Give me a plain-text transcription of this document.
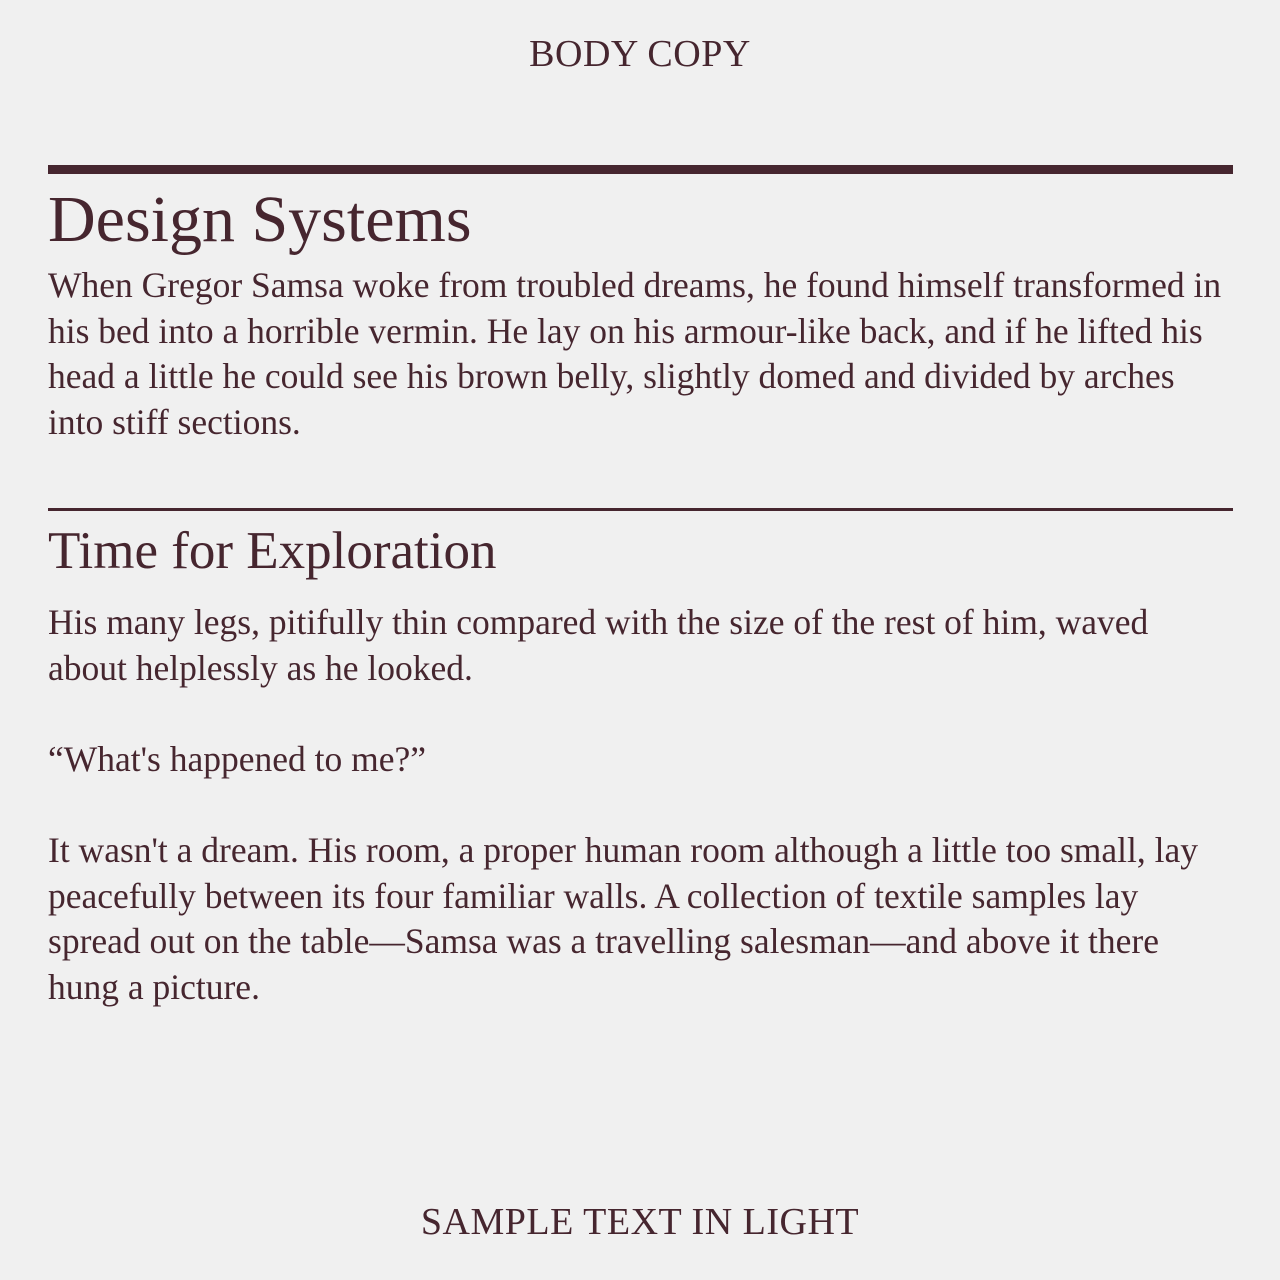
BODY COPY
Design Systems

When Gregor Samsa woke from troubled dreams, he found himself transformed in his bed into a horrible vermin. He lay on his armour-like back, and if he lifted his head a little he could see his brown belly, slightly domed and divided by arches into stiff sections.

Time for Exploration

His many legs, pitifully thin compared with the size of the rest of him, waved about helplessly as he looked.

“What's happened to me?”

It wasn't a dream. His room, a proper human room although a little too small, lay peacefully between its four familiar walls. A collection of textile samples lay spread out on the table—Samsa was a travelling salesman—and above it there hung a picture.

SAMPLE TEXT IN LIGHT
